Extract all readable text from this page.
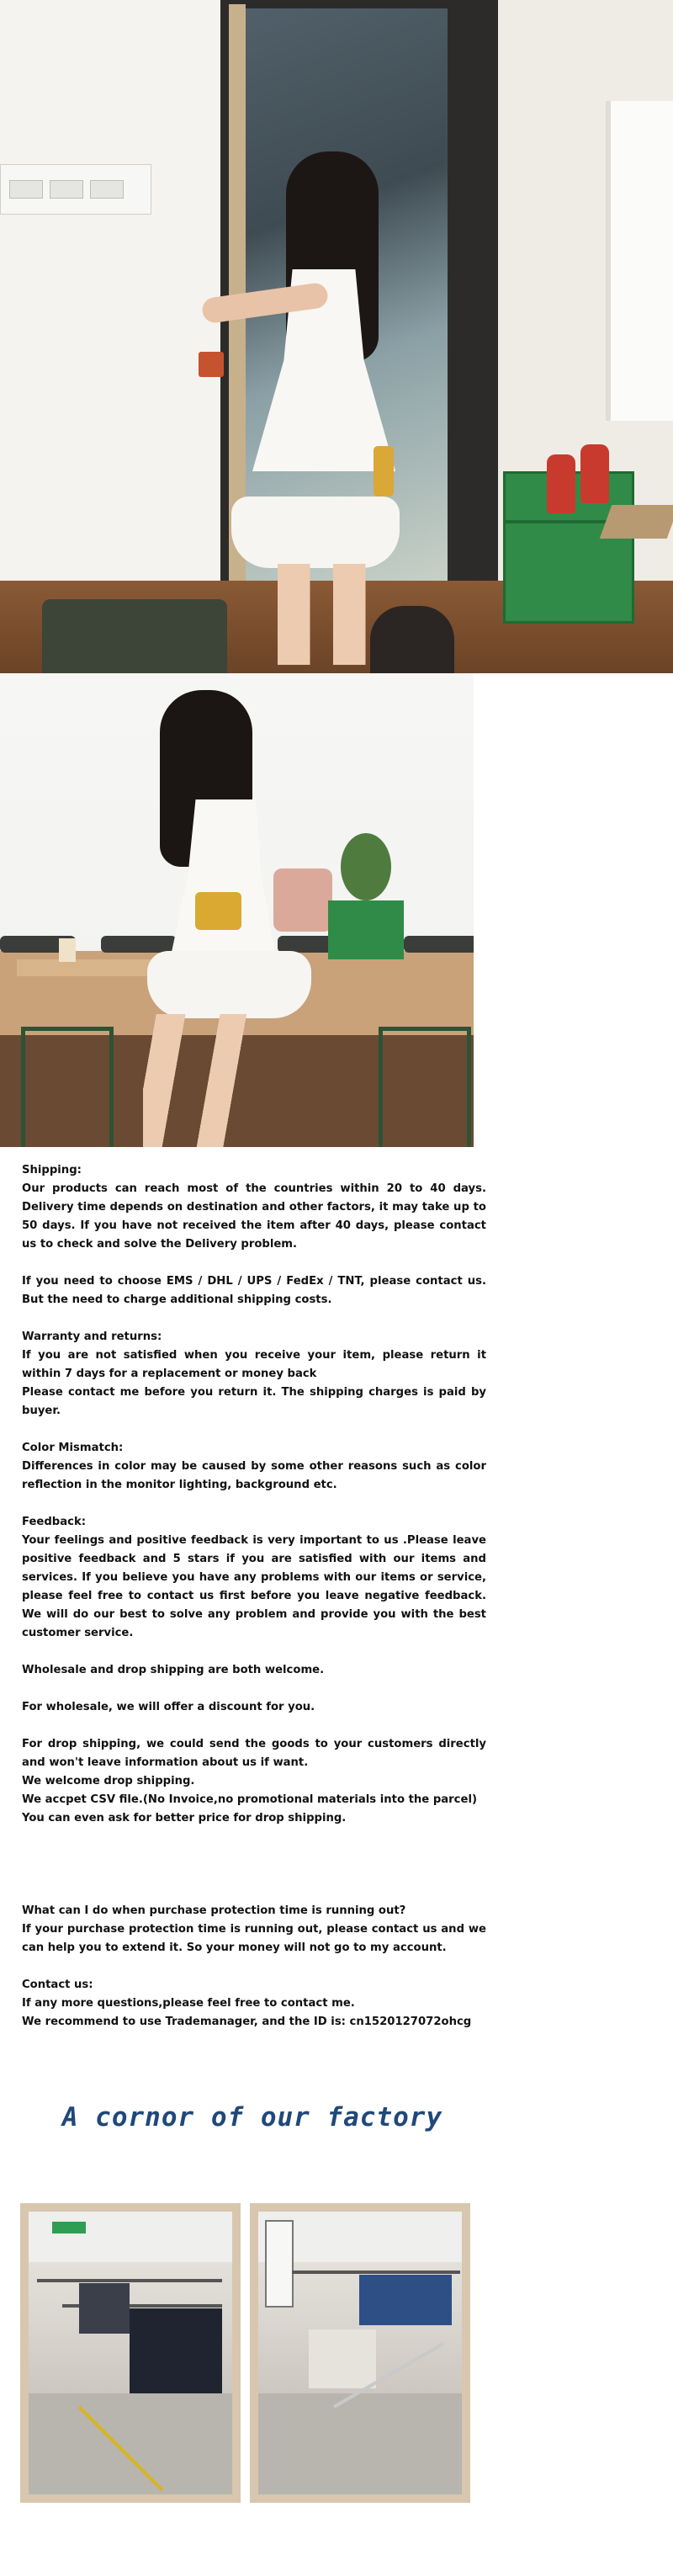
Shipping:

Our products can reach most of the countries within 20 to 40 days. Delivery time depends on destination and other factors, it may take up to 50 days. If you have not received the item after 40 days, please contact us to check and solve the Delivery problem.

If you need to choose EMS / DHL / UPS / FedEx / TNT, please contact us. But the need to charge additional shipping costs.

Warranty and returns:

If you are not satisfied when you receive your item, please return it within 7 days for a replacement or money back

Please contact me before you return it. The shipping charges is paid by buyer.

Color Mismatch:

Differences in color may be caused by some other reasons such as color reflection in the monitor lighting, background etc.

Feedback:

Your feelings and positive feedback is very important to us .Please leave positive feedback and 5 stars if you are satisfied with our items and services. If you believe you have any problems with our items or service, please feel free to contact us first before you leave negative feedback. We will do our best to solve any problem and provide you with the best customer service.

Wholesale and drop shipping are both welcome.

For wholesale, we will offer a discount for you.

For drop shipping, we could send the goods to your customers directly and won't leave information about us if want.

We welcome drop shipping.

We accpet CSV file.(No Invoice,no promotional materials into the parcel)

You can even ask for better price for drop shipping.

What can I do when purchase protection time is running out?

If your purchase protection time is running out, please contact us and we can help you to extend it. So your money will not go to my account.

Contact us:

If any more questions,please feel free to contact me.

We recommend to use Trademanager, and the ID is: cn1520127072ohcg

A cornor of our factory
